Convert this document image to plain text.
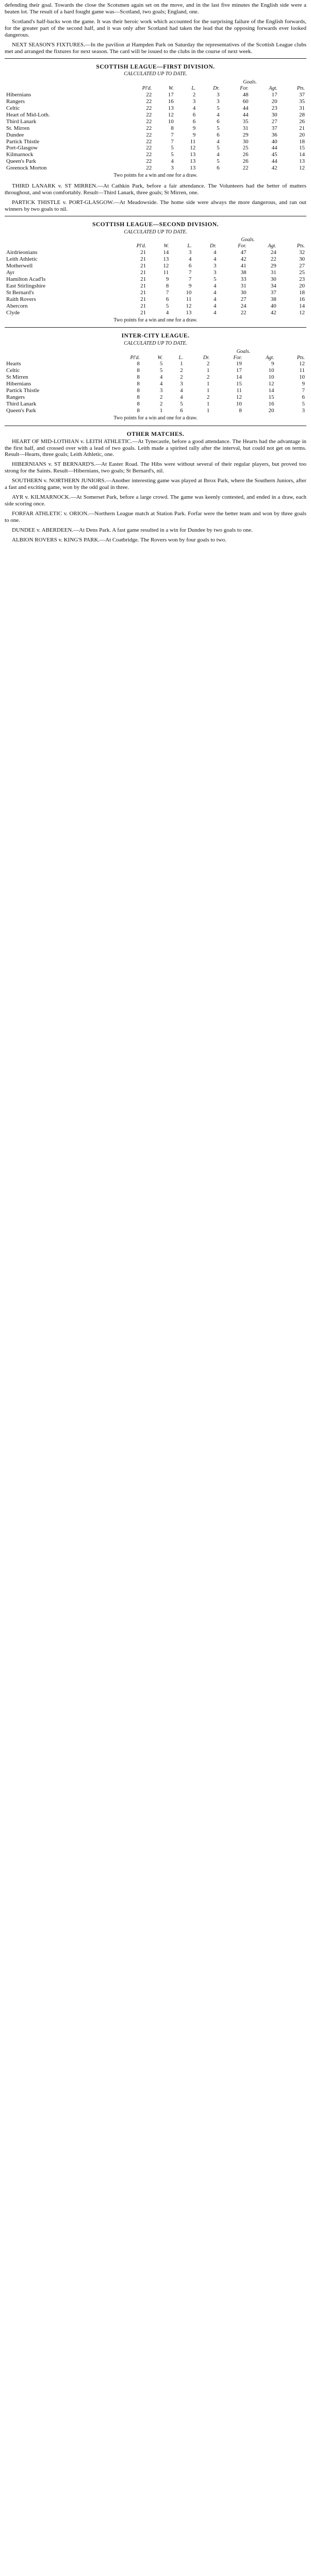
defending their goal. Towards the close the Scotsmen again set on the move, and in the last five minutes the English side were a beaten lot. The result of a hard fought game was—Scotland, two goals; England, one.

Scotland's half-backs won the game. It was their heroic work which accounted for the surprising failure of the English forwards, for the greater part of the second half, and it was only after Scotland had taken the lead that the opposing forwards ever looked dangerous.

NEXT SEASON'S FIXTURES.—In the pavilion at Hampden Park on Saturday the representatives of the Scottish League clubs met and arranged the fixtures for next season. The card will be issued to the clubs in the course of next week.

SCOTTISH LEAGUE—FIRST DIVISION.
CALCULATED UP TO DATE.
					Goals.		
	Pl'd.	W.	L.	Dr.	For.	Agt.	Pts.
Hibernians	22	17	2	3	48	17	37
Rangers	22	16	3	3	60	20	35
Celtic	22	13	4	5	44	23	31
Heart of Mid-Loth.	22	12	6	4	44	30	28
Third Lanark	22	10	6	6	35	27	26
St. Mirren	22	8	9	5	31	37	21
Dundee	22	7	9	6	29	36	20
Partick Thistle	22	7	11	4	30	40	18
Port-Glasgow	22	5	12	5	25	44	15
Kilmarnock	22	5	13	4	26	45	14
Queen's Park	22	4	13	5	26	44	13
Greenock Morton	22	3	13	6	22	42	12
Two points for a win and one for a draw.

THIRD LANARK v. ST MIRREN.—At Cathkin Park, before a fair attendance. The Volunteers had the better of matters throughout, and won comfortably. Result—Third Lanark, three goals; St Mirren, one.

PARTICK THISTLE v. PORT-GLASGOW.—At Meadowside. The home side were always the more dangerous, and ran out winners by two goals to nil.

SCOTTISH LEAGUE—SECOND DIVISION.
CALCULATED UP TO DATE.
					Goals.		
	Pl'd.	W.	L.	Dr.	For.	Agt.	Pts.
Airdrieonians	21	14	3	4	47	24	32
Leith Athletic	21	13	4	4	42	22	30
Motherwell	21	12	6	3	41	29	27
Ayr	21	11	7	3	38	31	25
Hamilton Acad'ls	21	9	7	5	33	30	23
East Stirlingshire	21	8	9	4	31	34	20
St Bernard's	21	7	10	4	30	37	18
Raith Rovers	21	6	11	4	27	38	16
Abercorn	21	5	12	4	24	40	14
Clyde	21	4	13	4	22	42	12
Two points for a win and one for a draw.
INTER-CITY LEAGUE.
CALCULATED UP TO DATE.
					Goals.		
	Pl'd.	W.	L.	Dr.	For.	Agt.	Pts.
Hearts	8	5	1	2	19	9	12
Celtic	8	5	2	1	17	10	11
St Mirren	8	4	2	2	14	10	10
Hibernians	8	4	3	1	15	12	9
Partick Thistle	8	3	4	1	11	14	7
Rangers	8	2	4	2	12	15	6
Third Lanark	8	2	5	1	10	16	5
Queen's Park	8	1	6	1	8	20	3
Two points for a win and one for a draw.
OTHER MATCHES.

HEART OF MID-LOTHIAN v. LEITH ATHLETIC.—At Tynecastle, before a good attendance. The Hearts had the advantage in the first half, and crossed over with a lead of two goals. Leith made a spirited rally after the interval, but could not get on terms. Result—Hearts, three goals; Leith Athletic, one.

HIBERNIANS v. ST BERNARD'S.—At Easter Road. The Hibs were without several of their regular players, but proved too strong for the Saints. Result—Hibernians, two goals; St Bernard's, nil.

SOUTHERN v. NORTHERN JUNIORS.—Another interesting game was played at Ibrox Park, where the Southern Juniors, after a fast and exciting game, won by the odd goal in three.

AYR v. KILMARNOCK.—At Somerset Park, before a large crowd. The game was keenly contested, and ended in a draw, each side scoring once.

FORFAR ATHLETIC v. ORION.—Northern League match at Station Park. Forfar were the better team and won by three goals to one.

DUNDEE v. ABERDEEN.—At Dens Park. A fast game resulted in a win for Dundee by two goals to one.

ALBION ROVERS v. KING'S PARK.—At Coatbridge. The Rovers won by four goals to two.
